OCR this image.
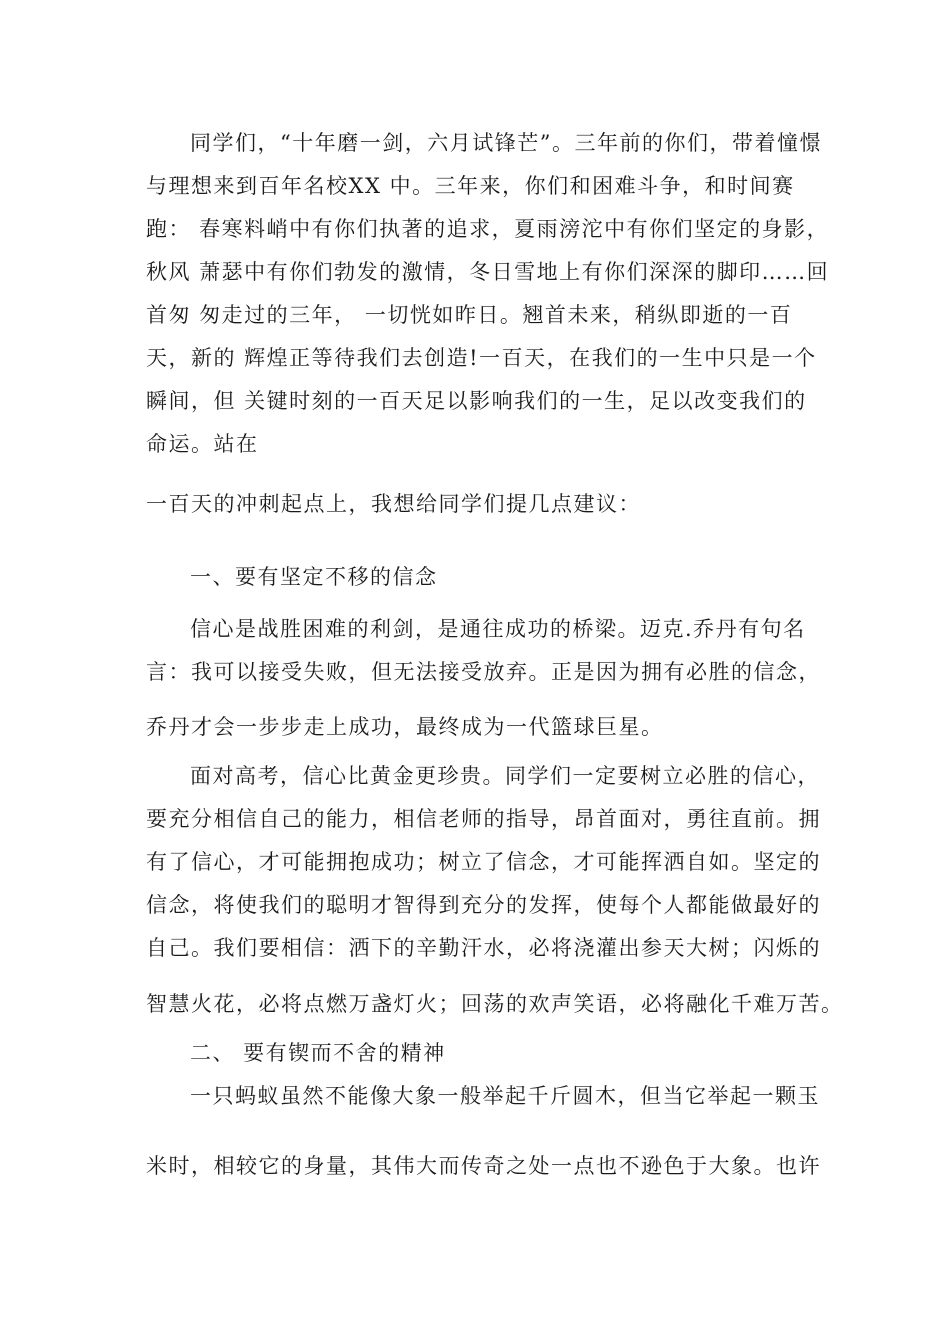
同学们，“十年磨一剑，六月试锋芒”。三年前的你们，带着憧憬
与理想来到百年名校XX 中。三年来，你们和困难斗争，和时间赛
跑： 春寒料峭中有你们执著的追求，夏雨滂沱中有你们坚定的身影，
秋风 萧瑟中有你们勃发的激情，冬日雪地上有你们深深的脚印……回
首匆 匆走过的三年， 一切恍如昨日。翘首未来，稍纵即逝的一百
天，新的 辉煌正等待我们去创造!一百天，在我们的一生中只是一个
瞬间，但 关键时刻的一百天足以影响我们的一生，足以改变我们的
命运。站在
一百天的冲刺起点上，我想给同学们提几点建议：
一、要有坚定不移的信念
信心是战胜困难的利剑，是通往成功的桥梁。迈克.乔丹有句名
言：我可以接受失败，但无法接受放弃。正是因为拥有必胜的信念，
乔丹才会一步步走上成功，最终成为一代篮球巨星。
面对高考，信心比黄金更珍贵。同学们一定要树立必胜的信心，
要充分相信自己的能力，相信老师的指导，昂首面对，勇往直前。拥
有了信心，才可能拥抱成功；树立了信念，才可能挥洒自如。坚定的
信念，将使我们的聪明才智得到充分的发挥，使每个人都能做最好的
自己。我们要相信：洒下的辛勤汗水，必将浇灌出参天大树；闪烁的
智慧火花，必将点燃万盏灯火；回荡的欢声笑语，必将融化千难万苦。
二、 要有锲而不舍的精神
一只蚂蚁虽然不能像大象一般举起千斤圆木，但当它举起一颗玉
米时，相较它的身量，其伟大而传奇之处一点也不逊色于大象。也许
